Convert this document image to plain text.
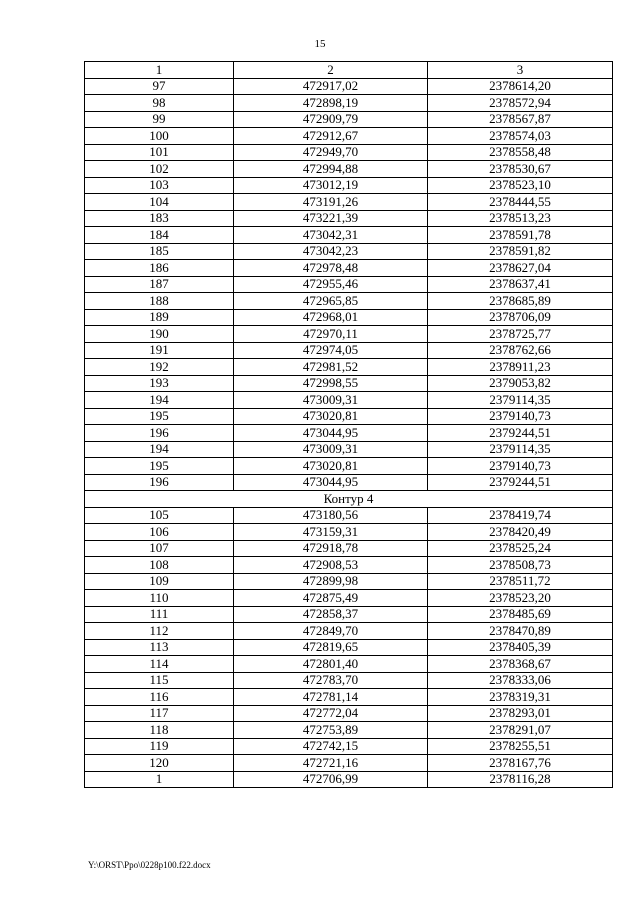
15
1	2	3
97	472917,02	2378614,20
98	472898,19	2378572,94
99	472909,79	2378567,87
100	472912,67	2378574,03
101	472949,70	2378558,48
102	472994,88	2378530,67
103	473012,19	2378523,10
104	473191,26	2378444,55
183	473221,39	2378513,23
184	473042,31	2378591,78
185	473042,23	2378591,82
186	472978,48	2378627,04
187	472955,46	2378637,41
188	472965,85	2378685,89
189	472968,01	2378706,09
190	472970,11	2378725,77
191	472974,05	2378762,66
192	472981,52	2378911,23
193	472998,55	2379053,82
194	473009,31	2379114,35
195	473020,81	2379140,73
196	473044,95	2379244,51
194	473009,31	2379114,35
195	473020,81	2379140,73
196	473044,95	2379244,51
Контур 4		
105	473180,56	2378419,74
106	473159,31	2378420,49
107	472918,78	2378525,24
108	472908,53	2378508,73
109	472899,98	2378511,72
110	472875,49	2378523,20
111	472858,37	2378485,69
112	472849,70	2378470,89
113	472819,65	2378405,39
114	472801,40	2378368,67
115	472783,70	2378333,06
116	472781,14	2378319,31
117	472772,04	2378293,01
118	472753,89	2378291,07
119	472742,15	2378255,51
120	472721,16	2378167,76
1	472706,99	2378116,28
Y:\ORST\Ppo\0228p100.f22.docx
